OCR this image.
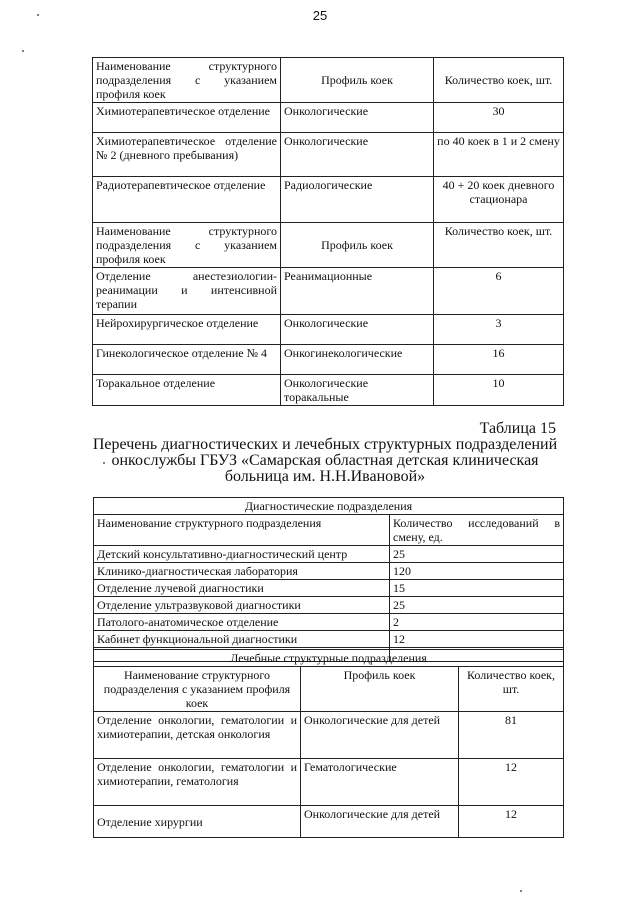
25
Наименование структурного подразделения с указанием профиля коек	Профиль коек	Количество коек, шт.
Химиотерапевтическое отделение	Онкологические	30
Химиотерапевтическое отделение № 2 (дневного пребывания)	Онкологические	по 40 коек в 1 и 2 смену
Радиотерапевтическое отделение	Радиологические	40 + 20 коек дневного стационара
Наименование структурного подразделения с указанием профиля коек	Профиль коек	Количество коек, шт.
Отделение анестезиологии-реанимации и интенсивной терапии	Реанимационные	6
Нейрохирургическое отделение	Онкологические	3
Гинекологическое отделение № 4	Онкогинекологические	16
Торакальное отделение	Онкологические торакальные	10
Таблица 15
Перечень диагностических и лечебных структурных подразделений онкослужбы ГБУЗ «Самарская областная детская клиническая больница им. Н.Н.Ивановой»
Диагностические подразделения	
Наименование структурного подразделения	Количество исследований в смену, ед.
Детский консультативно-диагностический центр	25
Клинико-диагностическая лаборатория	120
Отделение лучевой диагностики	15
Отделение ультразвуковой диагностики	25
Патолого-анатомическое отделение	2
Кабинет функциональной диагностики	12

Лечебные структурные подразделения		
Наименование структурного подразделения с указанием профиля коек	Профиль коек	Количество коек, шт.
Отделение онкологии, гематологии и химиотерапии, детская онкология	Онкологические для детей	81
Отделение онкологии, гематологии и химиотерапии, гематология	Гематологические	12
Отделение хирургии	Онкологические для детей	12
